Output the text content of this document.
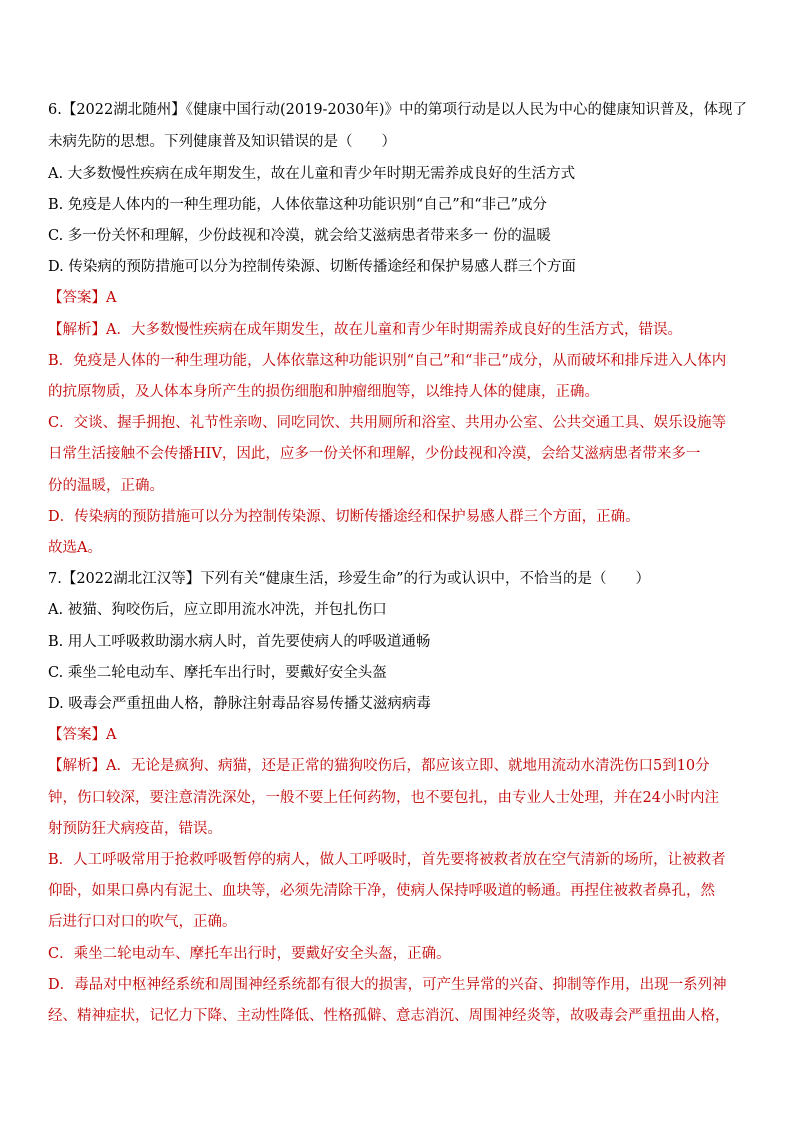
6.【2022湖北随州】《健康中国行动(2019-2030年)》中的第项行动是以人民为中心的健康知识普及，体现了
未病先防的思想。下列健康普及知识错误的是（　　）
A. 大多数慢性疾病在成年期发生，故在儿童和青少年时期无需养成良好的生活方式
B. 免疫是人体内的一种生理功能，人体依靠这种功能识别“自己”和“非己”成分
C. 多一份关怀和理解，少份歧视和冷漠，就会给艾滋病患者带来多一 份的温暖
D. 传染病的预防措施可以分为控制传染源、切断传播途经和保护易感人群三个方面
【答案】A
【解析】A．大多数慢性疾病在成年期发生，故在儿童和青少年时期需养成良好的生活方式，错误。
B．免疫是人体的一种生理功能，人体依靠这种功能识别“自己”和“非己”成分，从而破坏和排斥进入人体内
的抗原物质，及人体本身所产生的损伤细胞和肿瘤细胞等，以维持人体的健康，正确。
C．交谈、握手拥抱、礼节性亲吻、同吃同饮、共用厕所和浴室、共用办公室、公共交通工具、娱乐设施等
日常生活接触不会传播HIV，因此，应多一份关怀和理解，少份歧视和冷漠，会给艾滋病患者带来多一
份的温暖，正确。
D．传染病的预防措施可以分为控制传染源、切断传播途经和保护易感人群三个方面，正确。
故选A。
7.【2022湖北江汉等】下列有关“健康生活，珍爱生命”的行为或认识中，不恰当的是（　　）
A. 被猫、狗咬伤后，应立即用流水冲洗，并包扎伤口
B. 用人工呼吸救助溺水病人时，首先要使病人的呼吸道通畅
C. 乘坐二轮电动车、摩托车出行时，要戴好安全头盔
D. 吸毒会严重扭曲人格，静脉注射毒品容易传播艾滋病病毒
【答案】A
【解析】A．无论是疯狗、病猫，还是正常的猫狗咬伤后，都应该立即、就地用流动水清洗伤口5到10分
钟，伤口较深，要注意清洗深处，一般不要上任何药物，也不要包扎，由专业人士处理，并在24小时内注
射预防狂犬病疫苗，错误。
B．人工呼吸常用于抢救呼吸暂停的病人，做人工呼吸时，首先要将被救者放在空气清新的场所，让被救者
仰卧，如果口鼻内有泥土、血块等，必须先清除干净，使病人保持呼吸道的畅通。再捏住被救者鼻孔，然
后进行口对口的吹气，正确。
C．乘坐二轮电动车、摩托车出行时，要戴好安全头盔，正确。
D．毒品对中枢神经系统和周围神经系统都有很大的损害，可产生异常的兴奋、抑制等作用，出现一系列神
经、精神症状，记忆力下降、主动性降低、性格孤僻、意志消沉、周围神经炎等，故吸毒会严重扭曲人格，
